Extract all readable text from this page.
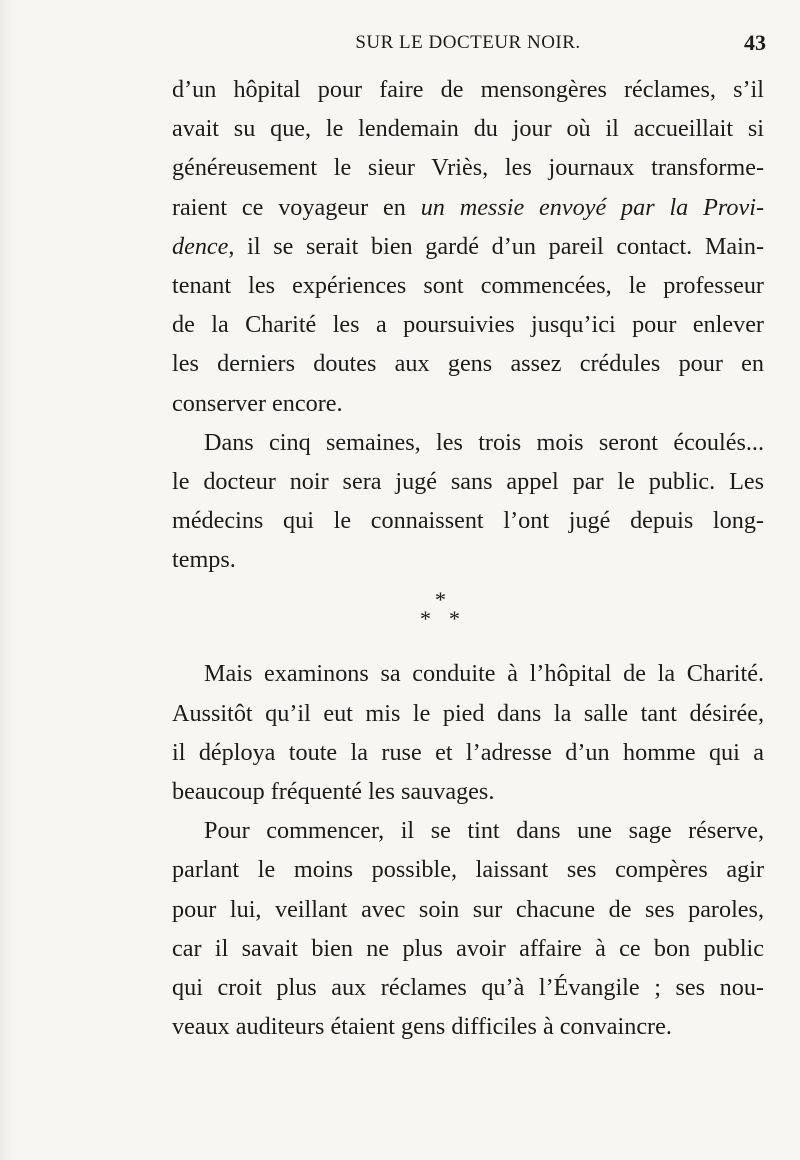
SUR LE DOCTEUR NOIR.	43
d’un hôpital pour faire de mensongères réclames, s’il
avait su que, le lendemain du jour où il accueillait si
généreusement le sieur Vriès, les journaux transforme-
raient ce voyageur en un messie envoyé par la Provi-
dence, il se serait bien gardé d’un pareil contact. Main-
tenant les expériences sont commencées, le professeur
de la Charité les a poursuivies jusqu’ici pour enlever
les derniers doutes aux gens assez crédules pour en
conserver encore.
Dans cinq semaines, les trois mois seront écoulés...
le docteur noir sera jugé sans appel par le public. Les
médecins qui le connaissent l’ont jugé depuis long-
temps.
*
* *
Mais examinons sa conduite à l’hôpital de la Charité.
Aussitôt qu’il eut mis le pied dans la salle tant désirée,
il déploya toute la ruse et l’adresse d’un homme qui a
beaucoup fréquenté les sauvages.
Pour commencer, il se tint dans une sage réserve,
parlant le moins possible, laissant ses compères agir
pour lui, veillant avec soin sur chacune de ses paroles,
car il savait bien ne plus avoir affaire à ce bon public
qui croit plus aux réclames qu’à l’Évangile ; ses nou-
veaux auditeurs étaient gens difficiles à convaincre.
